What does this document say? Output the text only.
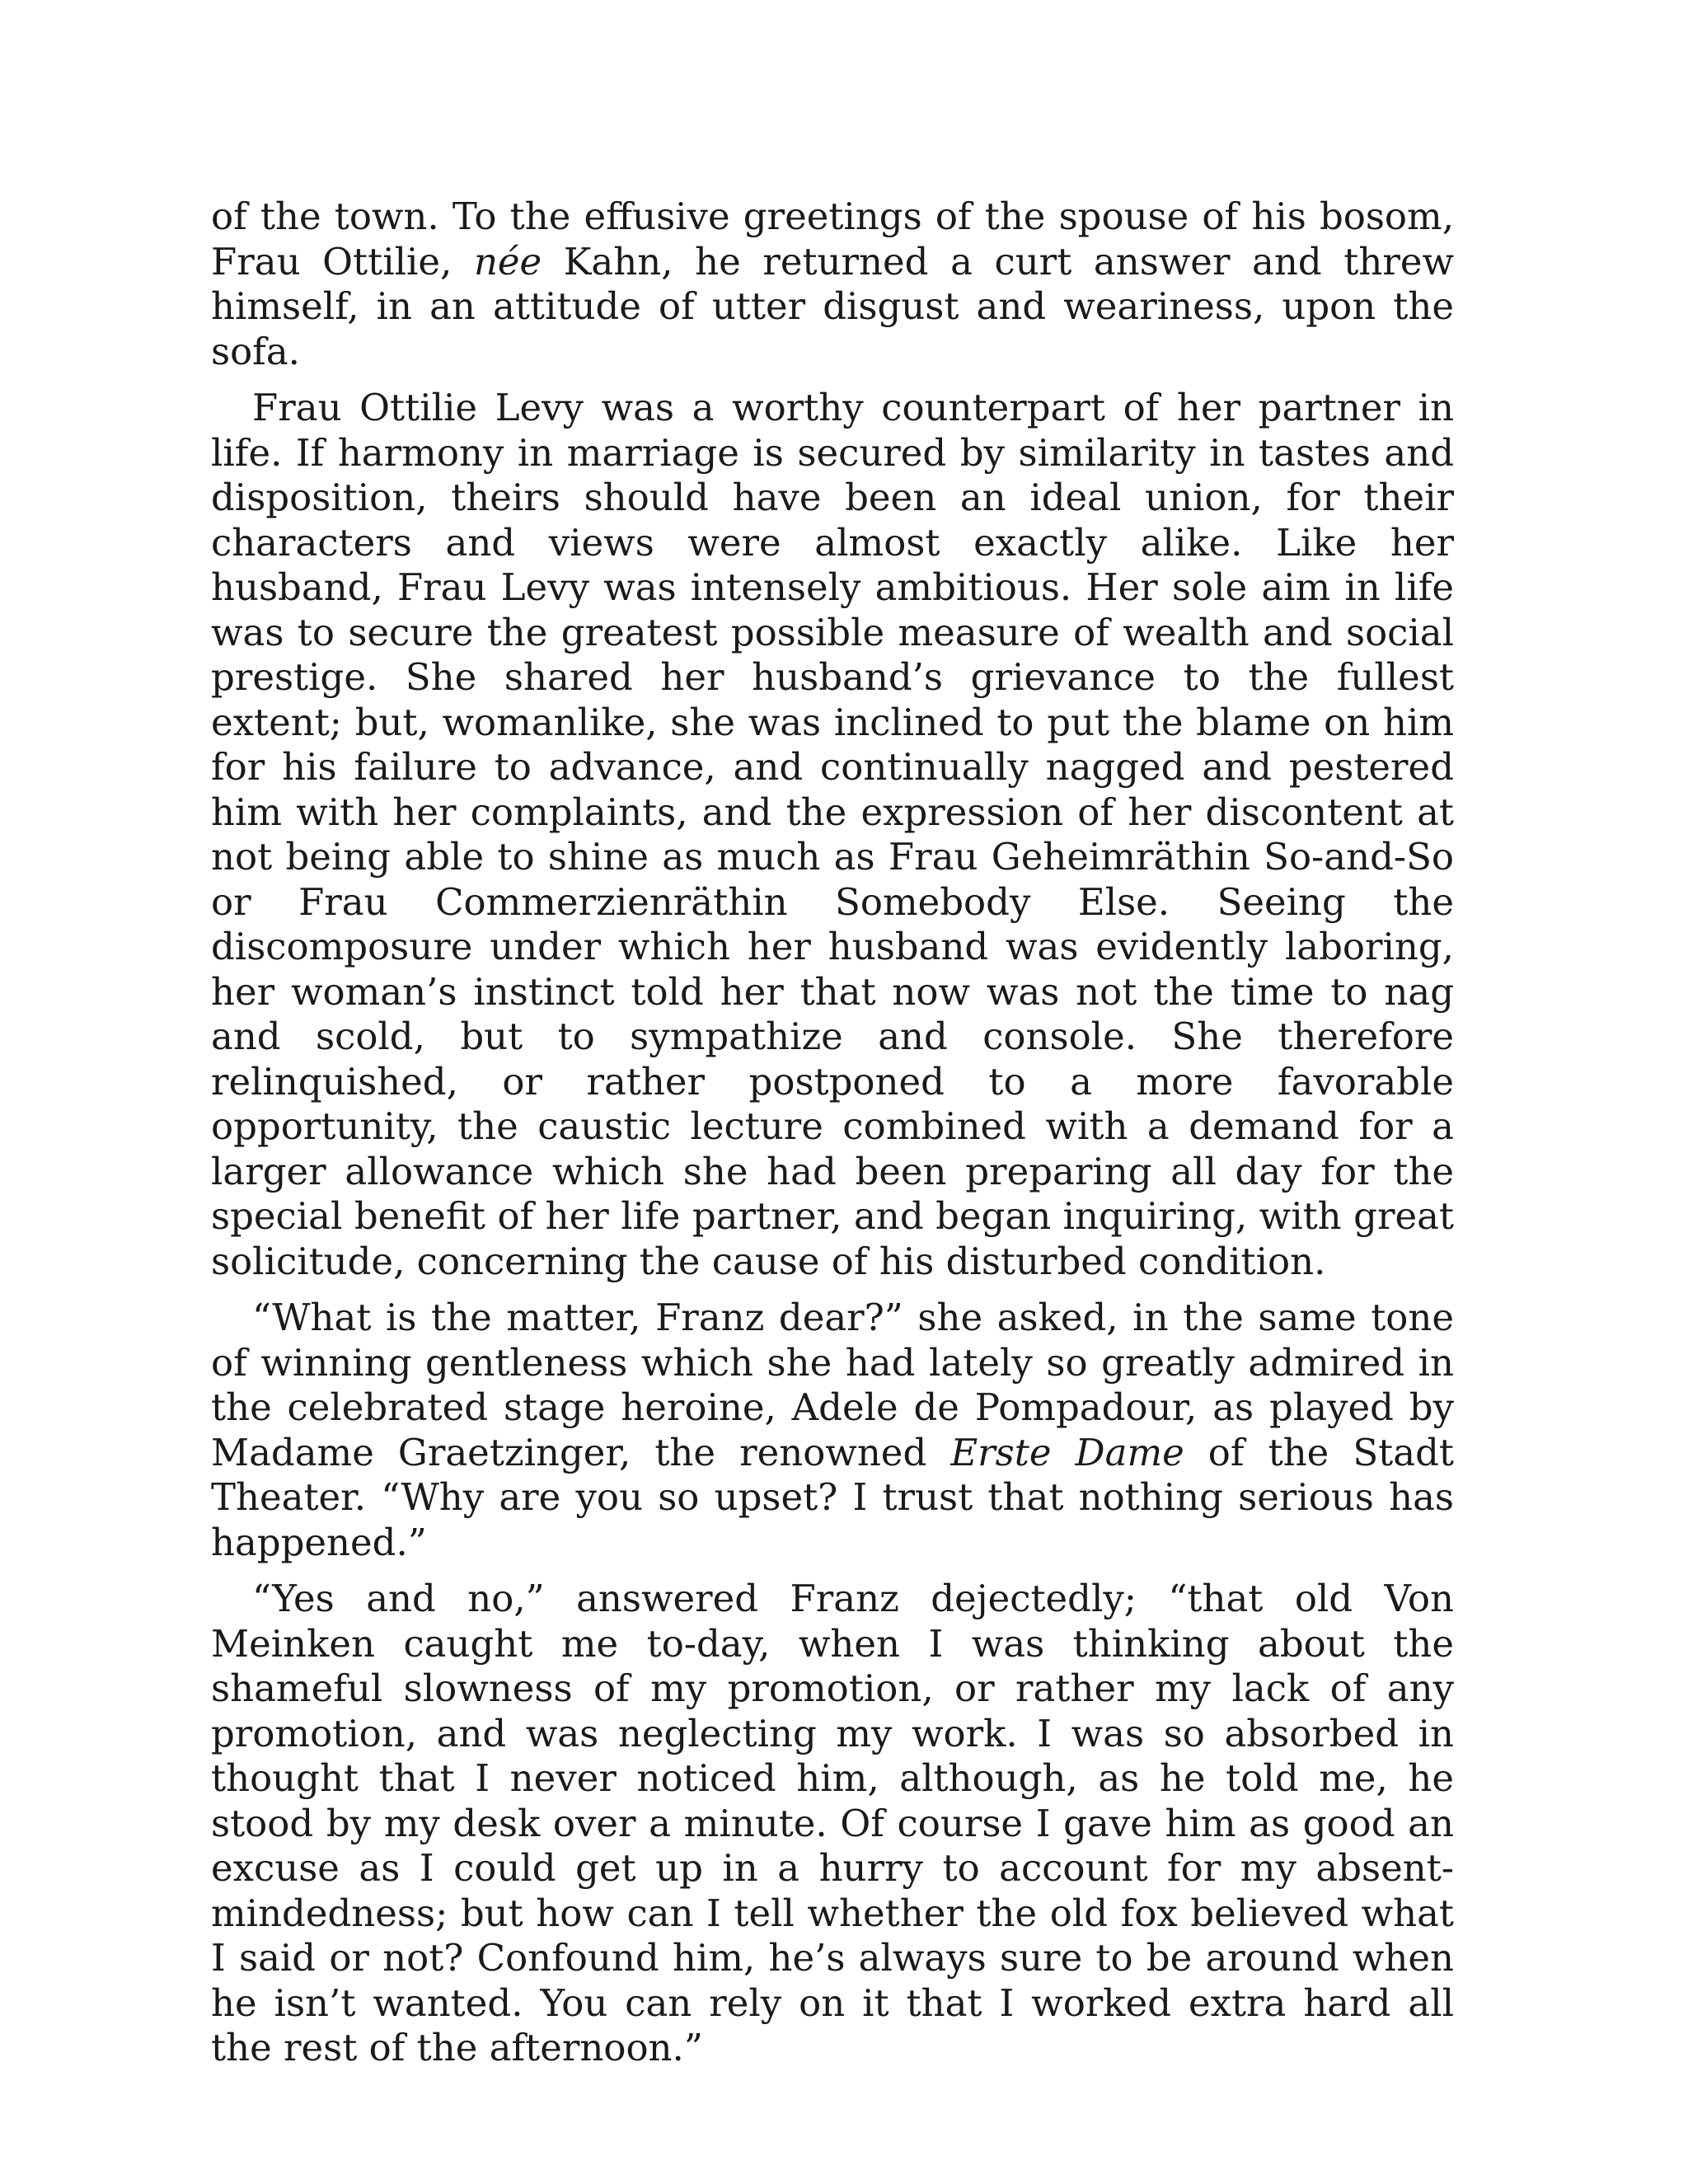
of the town. To the effusive greetings of the spouse of his bosom, Frau Ottilie, née Kahn, he returned a curt answer and threw himself, in an attitude of utter disgust and weariness, upon the sofa.

Frau Ottilie Levy was a worthy counterpart of her partner in life. If harmony in marriage is secured by similarity in tastes and disposition, theirs should have been an ideal union, for their characters and views were almost exactly alike. Like her husband, Frau Levy was intensely ambitious. Her sole aim in life was to secure the greatest possible measure of wealth and social prestige. She shared her husband’s grievance to the fullest extent; but, womanlike, she was inclined to put the blame on him for his failure to advance, and continually nagged and pestered him with her complaints, and the expression of her discontent at not being able to shine as much as Frau Geheimräthin So-and-So or Frau Commerzienräthin Somebody Else. Seeing the discomposure under which her husband was evidently laboring, her woman’s instinct told her that now was not the time to nag and scold, but to sympathize and console. She therefore relinquished, or rather postponed to a more favorable opportunity, the caustic lecture combined with a demand for a larger allowance which she had been preparing all day for the special benefit of her life partner, and began inquiring, with great solicitude, concerning the cause of his disturbed condition.

“What is the matter, Franz dear?” she asked, in the same tone of winning gentleness which she had lately so greatly admired in the celebrated stage heroine, Adele de Pompadour, as played by Madame Graetzinger, the renowned Erste Dame of the Stadt Theater. “Why are you so upset? I trust that nothing serious has happened.”

“Yes and no,” answered Franz dejectedly; “that old Von Meinken caught me to-day, when I was thinking about the shameful slowness of my promotion, or rather my lack of any promotion, and was neglecting my work. I was so absorbed in thought that I never noticed him, although, as he told me, he stood by my desk over a minute. Of course I gave him as good an excuse as I could get up in a hurry to account for my absent-mindedness; but how can I tell whether the old fox believed what I said or not? Confound him, he’s always sure to be around when he isn’t wanted. You can rely on it that I worked extra hard all the rest of the afternoon.”
